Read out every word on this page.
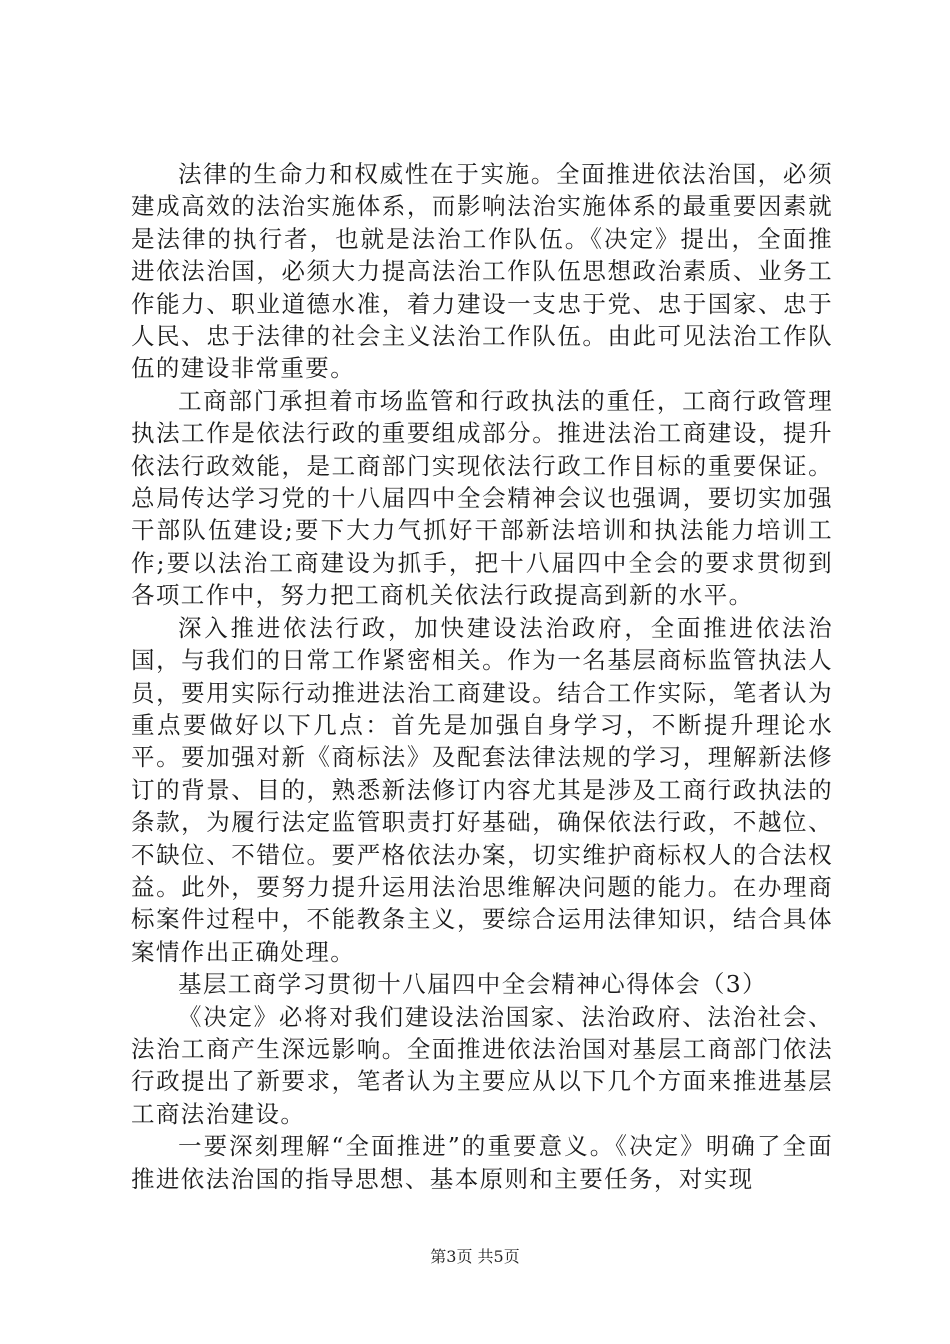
法律的生命力和权威性在于实施。全面推进依法治国，必须建成高效的法治实施体系，而影响法治实施体系的最重要因素就是法律的执行者，也就是法治工作队伍。《决定》提出，全面推进依法治国，必须大力提高法治工作队伍思想政治素质、业务工作能力、职业道德水准，着力建设一支忠于党、忠于国家、忠于人民、忠于法律的社会主义法治工作队伍。由此可见法治工作队伍的建设非常重要。

工商部门承担着市场监管和行政执法的重任，工商行政管理执法工作是依法行政的重要组成部分。推进法治工商建设，提升依法行政效能，是工商部门实现依法行政工作目标的重要保证。总局传达学习党的十八届四中全会精神会议也强调，要切实加强干部队伍建设;要下大力气抓好干部新法培训和执法能力培训工作;要以法治工商建设为抓手，把十八届四中全会的要求贯彻到各项工作中，努力把工商机关依法行政提高到新的水平。

深入推进依法行政，加快建设法治政府，全面推进依法治国，与我们的日常工作紧密相关。作为一名基层商标监管执法人员，要用实际行动推进法治工商建设。结合工作实际，笔者认为重点要做好以下几点：首先是加强自身学习，不断提升理论水平。要加强对新《商标法》及配套法律法规的学习，理解新法修订的背景、目的，熟悉新法修订内容尤其是涉及工商行政执法的条款，为履行法定监管职责打好基础，确保依法行政，不越位、不缺位、不错位。要严格依法办案，切实维护商标权人的合法权益。此外，要努力提升运用法治思维解决问题的能力。在办理商标案件过程中，不能教条主义，要综合运用法律知识，结合具体案情作出正确处理。

基层工商学习贯彻十八届四中全会精神心得体会（3）

《决定》必将对我们建设法治国家、法治政府、法治社会、法治工商产生深远影响。全面推进依法治国对基层工商部门依法行政提出了新要求，笔者认为主要应从以下几个方面来推进基层工商法治建设。

一要深刻理解“全面推进”的重要意义。《决定》明确了全面推进依法治国的指导思想、基本原则和主要任务，对实现

第3页 共5页
